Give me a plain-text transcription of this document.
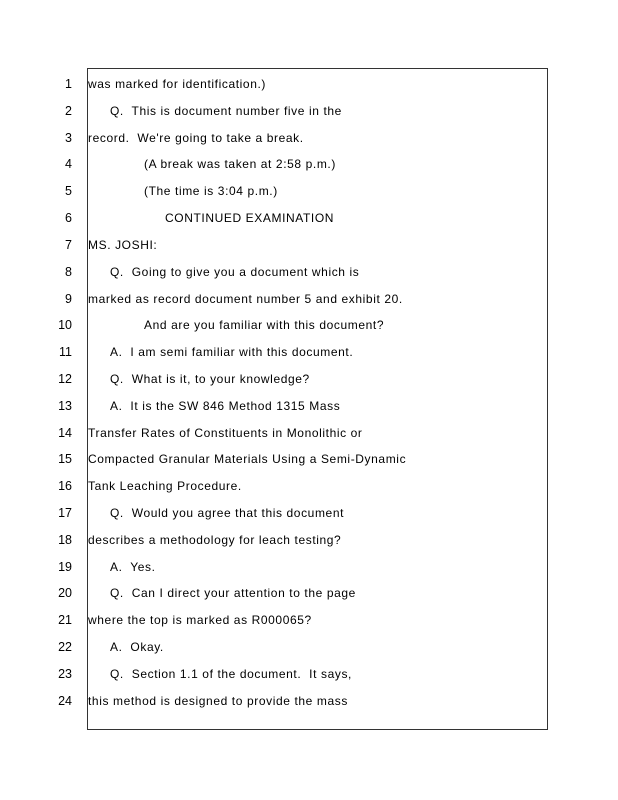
1 was marked for identification.)
2	Q.  This is document number five in the
3 record.  We're going to take a break.
4	(A break was taken at 2:58 p.m.)
5	(The time is 3:04 p.m.)
6	CONTINUED EXAMINATION
7 MS. JOSHI:
8	Q.  Going to give you a document which is
9 marked as record document number 5 and exhibit 20.
10	And are you familiar with this document?
11	A.  I am semi familiar with this document.
12	Q.  What is it, to your knowledge?
13	A.  It is the SW 846 Method 1315 Mass
14 Transfer Rates of Constituents in Monolithic or
15 Compacted Granular Materials Using a Semi-Dynamic
16 Tank Leaching Procedure.
17	Q.  Would you agree that this document
18 describes a methodology for leach testing?
19	A.  Yes.
20	Q.  Can I direct your attention to the page
21 where the top is marked as R000065?
22	A.  Okay.
23	Q.  Section 1.1 of the document.  It says,
24 this method is designed to provide the mass
